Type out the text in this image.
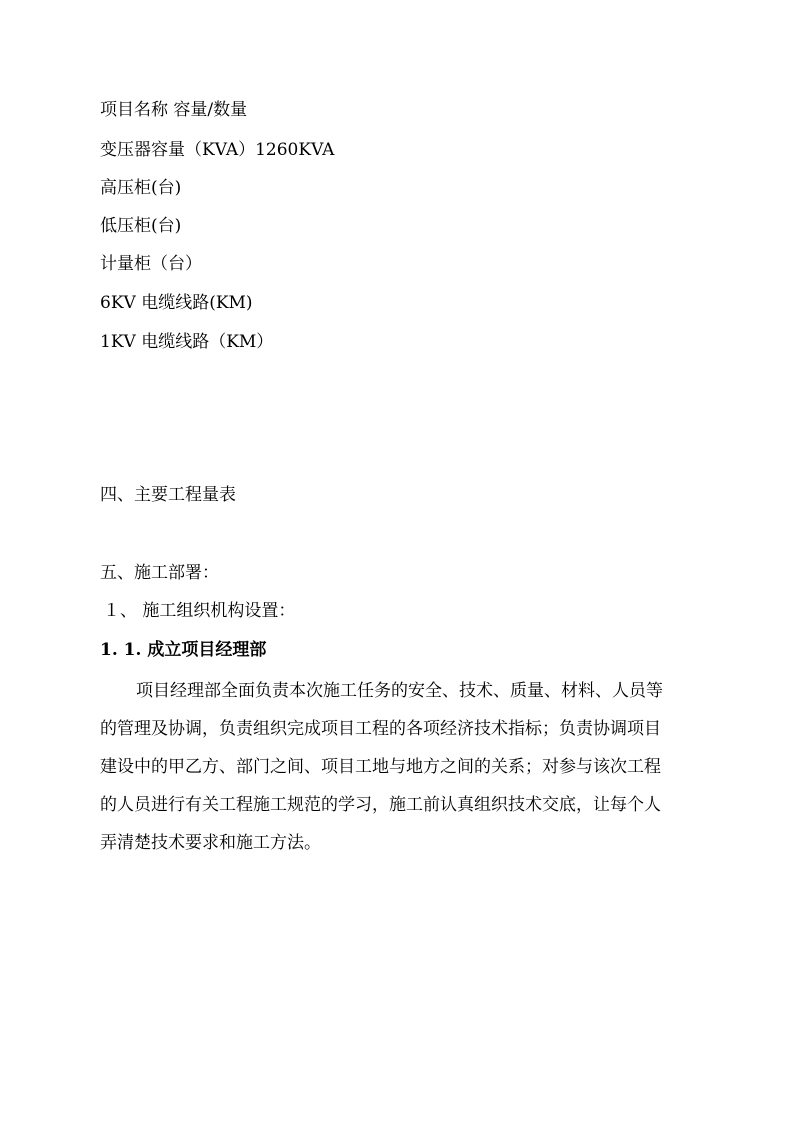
项目名称 容量/数量
变压器容量（KVA）1260KVA
高压柜(台)
低压柜(台)
计量柜（台）
6KV 电缆线路(KM)
1KV 电缆线路（KM）
四、主要工程量表
五、施工部署：
１、 施工组织机构设置：
1. 1. 成立项目经理部
项目经理部全面负责本次施工任务的安全、技术、质量、材料、人员等
的管理及协调，负责组织完成项目工程的各项经济技术指标；负责协调项目
建设中的甲乙方、部门之间、项目工地与地方之间的关系；对参与该次工程
的人员进行有关工程施工规范的学习，施工前认真组织技术交底，让每个人
弄清楚技术要求和施工方法。
